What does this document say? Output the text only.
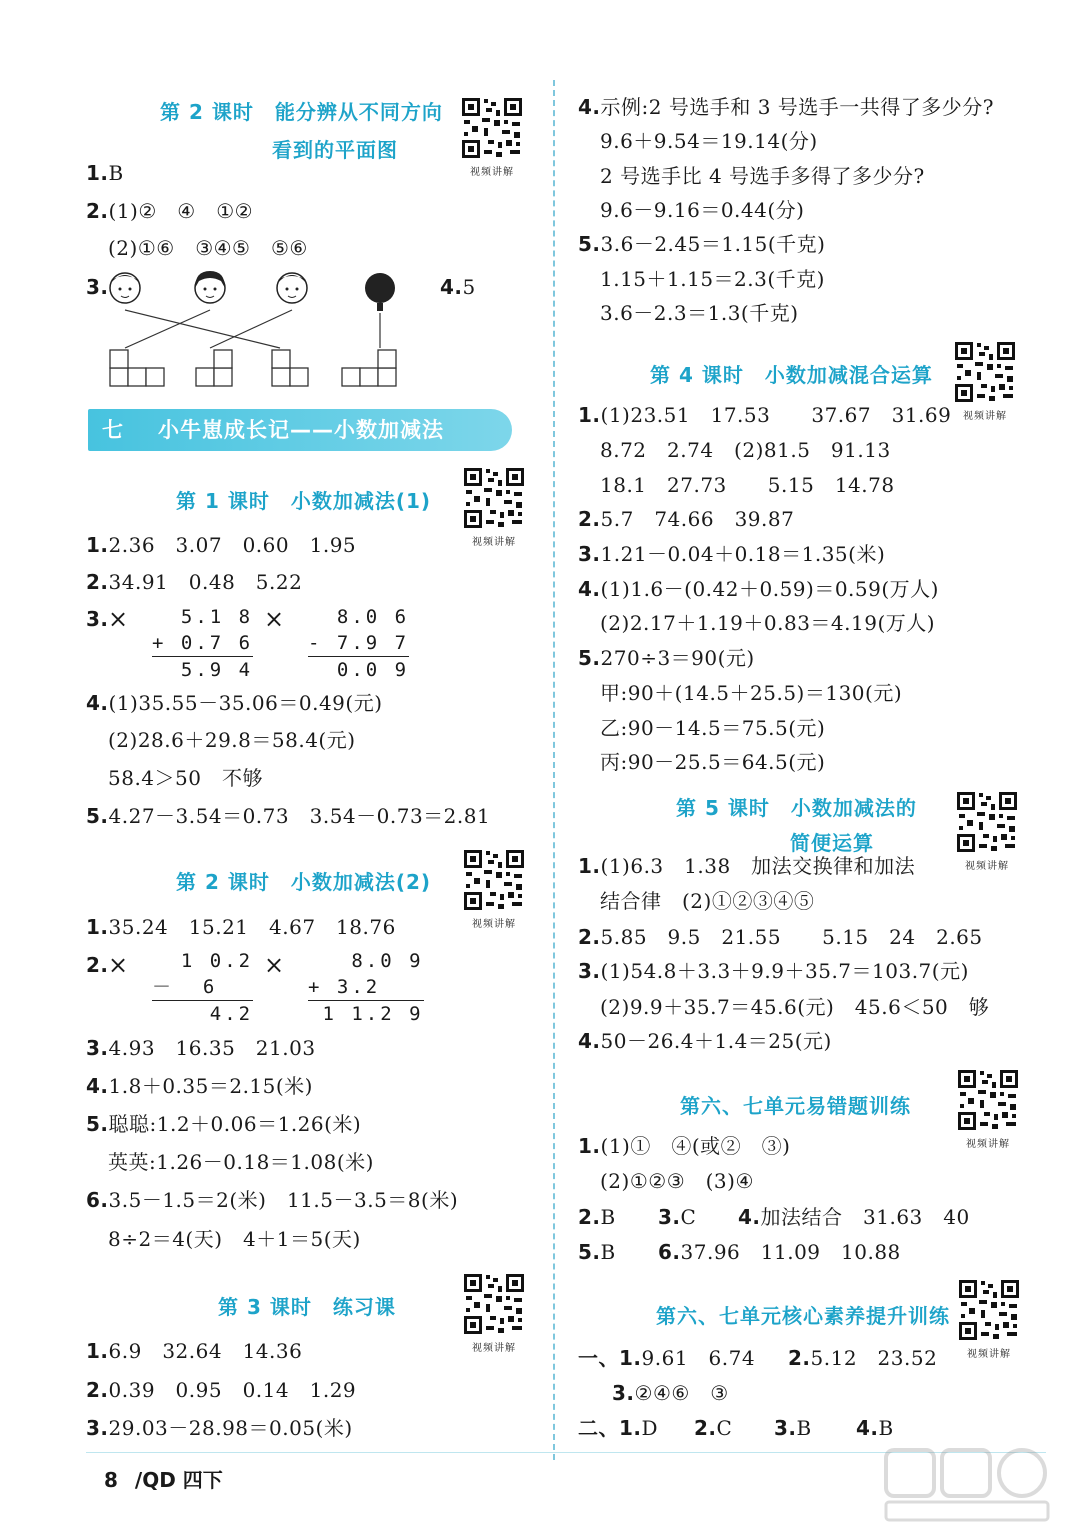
第 2 课时　能分辨从不同方向
看到的平面图
视频讲解
1.B
2.(1)②　④　①②
(2)①⑥　③④⑤　⑤⑥
3.	4.5
七 小牛崽成长记——小数加减法
第 1 课时　小数加减法(1)
视频讲解
1.2.36　3.07　0.60　1.95
2.34.91　0.48　5.22
3. × 5.1 8
+ 0.7 6
5.9 4
× 8.0 6
- 7.9 7
0.0 9
4.(1)35.55－35.06＝0.49(元)
(2)28.6＋29.8＝58.4(元)
58.4＞50　不够
5.4.27－3.54＝0.73　3.54－0.73＝2.81
第 2 课时　小数加减法(2)
视频讲解
1.35.24　15.21　4.67　18.76
2. × 1 0.2
－  6
4.2
× 8.0 9
+ 3.2
1 1.2 9
3.4.93　16.35　21.03
4.1.8＋0.35＝2.15(米)
5.聪聪:1.2＋0.06＝1.26(米)
英英:1.26－0.18＝1.08(米)
6.3.5－1.5＝2(米)　11.5－3.5＝8(米)
8÷2＝4(天)　4＋1＝5(天)
第 3 课时　练习课
视频讲解
1.6.9　32.64　14.36
2.0.39　0.95　0.14　1.29
3.29.03－28.98＝0.05(米)
4.示例:2 号选手和 3 号选手一共得了多少分?
9.6＋9.54＝19.14(分)
2 号选手比 4 号选手多得了多少分?
9.6－9.16＝0.44(分)
5.3.6－2.45＝1.15(千克)
1.15＋1.15＝2.3(千克)
3.6－2.3＝1.3(千克)
第 4 课时　小数加减混合运算
视频讲解
1.(1)23.51　17.53　　37.67　31.69
8.72　2.74　(2)81.5　91.13
18.1　27.73　　5.15　14.78
2.5.7　74.66　39.87
3.1.21－0.04＋0.18＝1.35(米)
4.(1)1.6－(0.42＋0.59)＝0.59(万人)
(2)2.17＋1.19＋0.83＝4.19(万人)
5.270÷3＝90(元)
甲:90＋(14.5＋25.5)＝130(元)
乙:90－14.5＝75.5(元)
丙:90－25.5＝64.5(元)
第 5 课时　小数加减法的
简便运算
视频讲解
1.(1)6.3　1.38　加法交换律和加法
结合律　(2)①②③④⑤
2.5.85　9.5　21.55　　5.15　24　2.65
3.(1)54.8＋3.3＋9.9＋35.7＝103.7(元)
(2)9.9＋35.7＝45.6(元)　45.6＜50　够
4.50－26.4＋1.4＝25(元)
第六、七单元易错题训练
视频讲解
1.(1)①　④(或②　③)
(2)①②③　(3)④
2.B 3.C 4.加法结合　31.63　40
5.B 6.37.96　11.09　10.88
第六、七单元核心素养提升训练
视频讲解
一、1.9.61　6.74 2.5.12　23.52
3.②④⑥　③
二、1.D 2.C 3.B 4.B
8 /QD 四下
